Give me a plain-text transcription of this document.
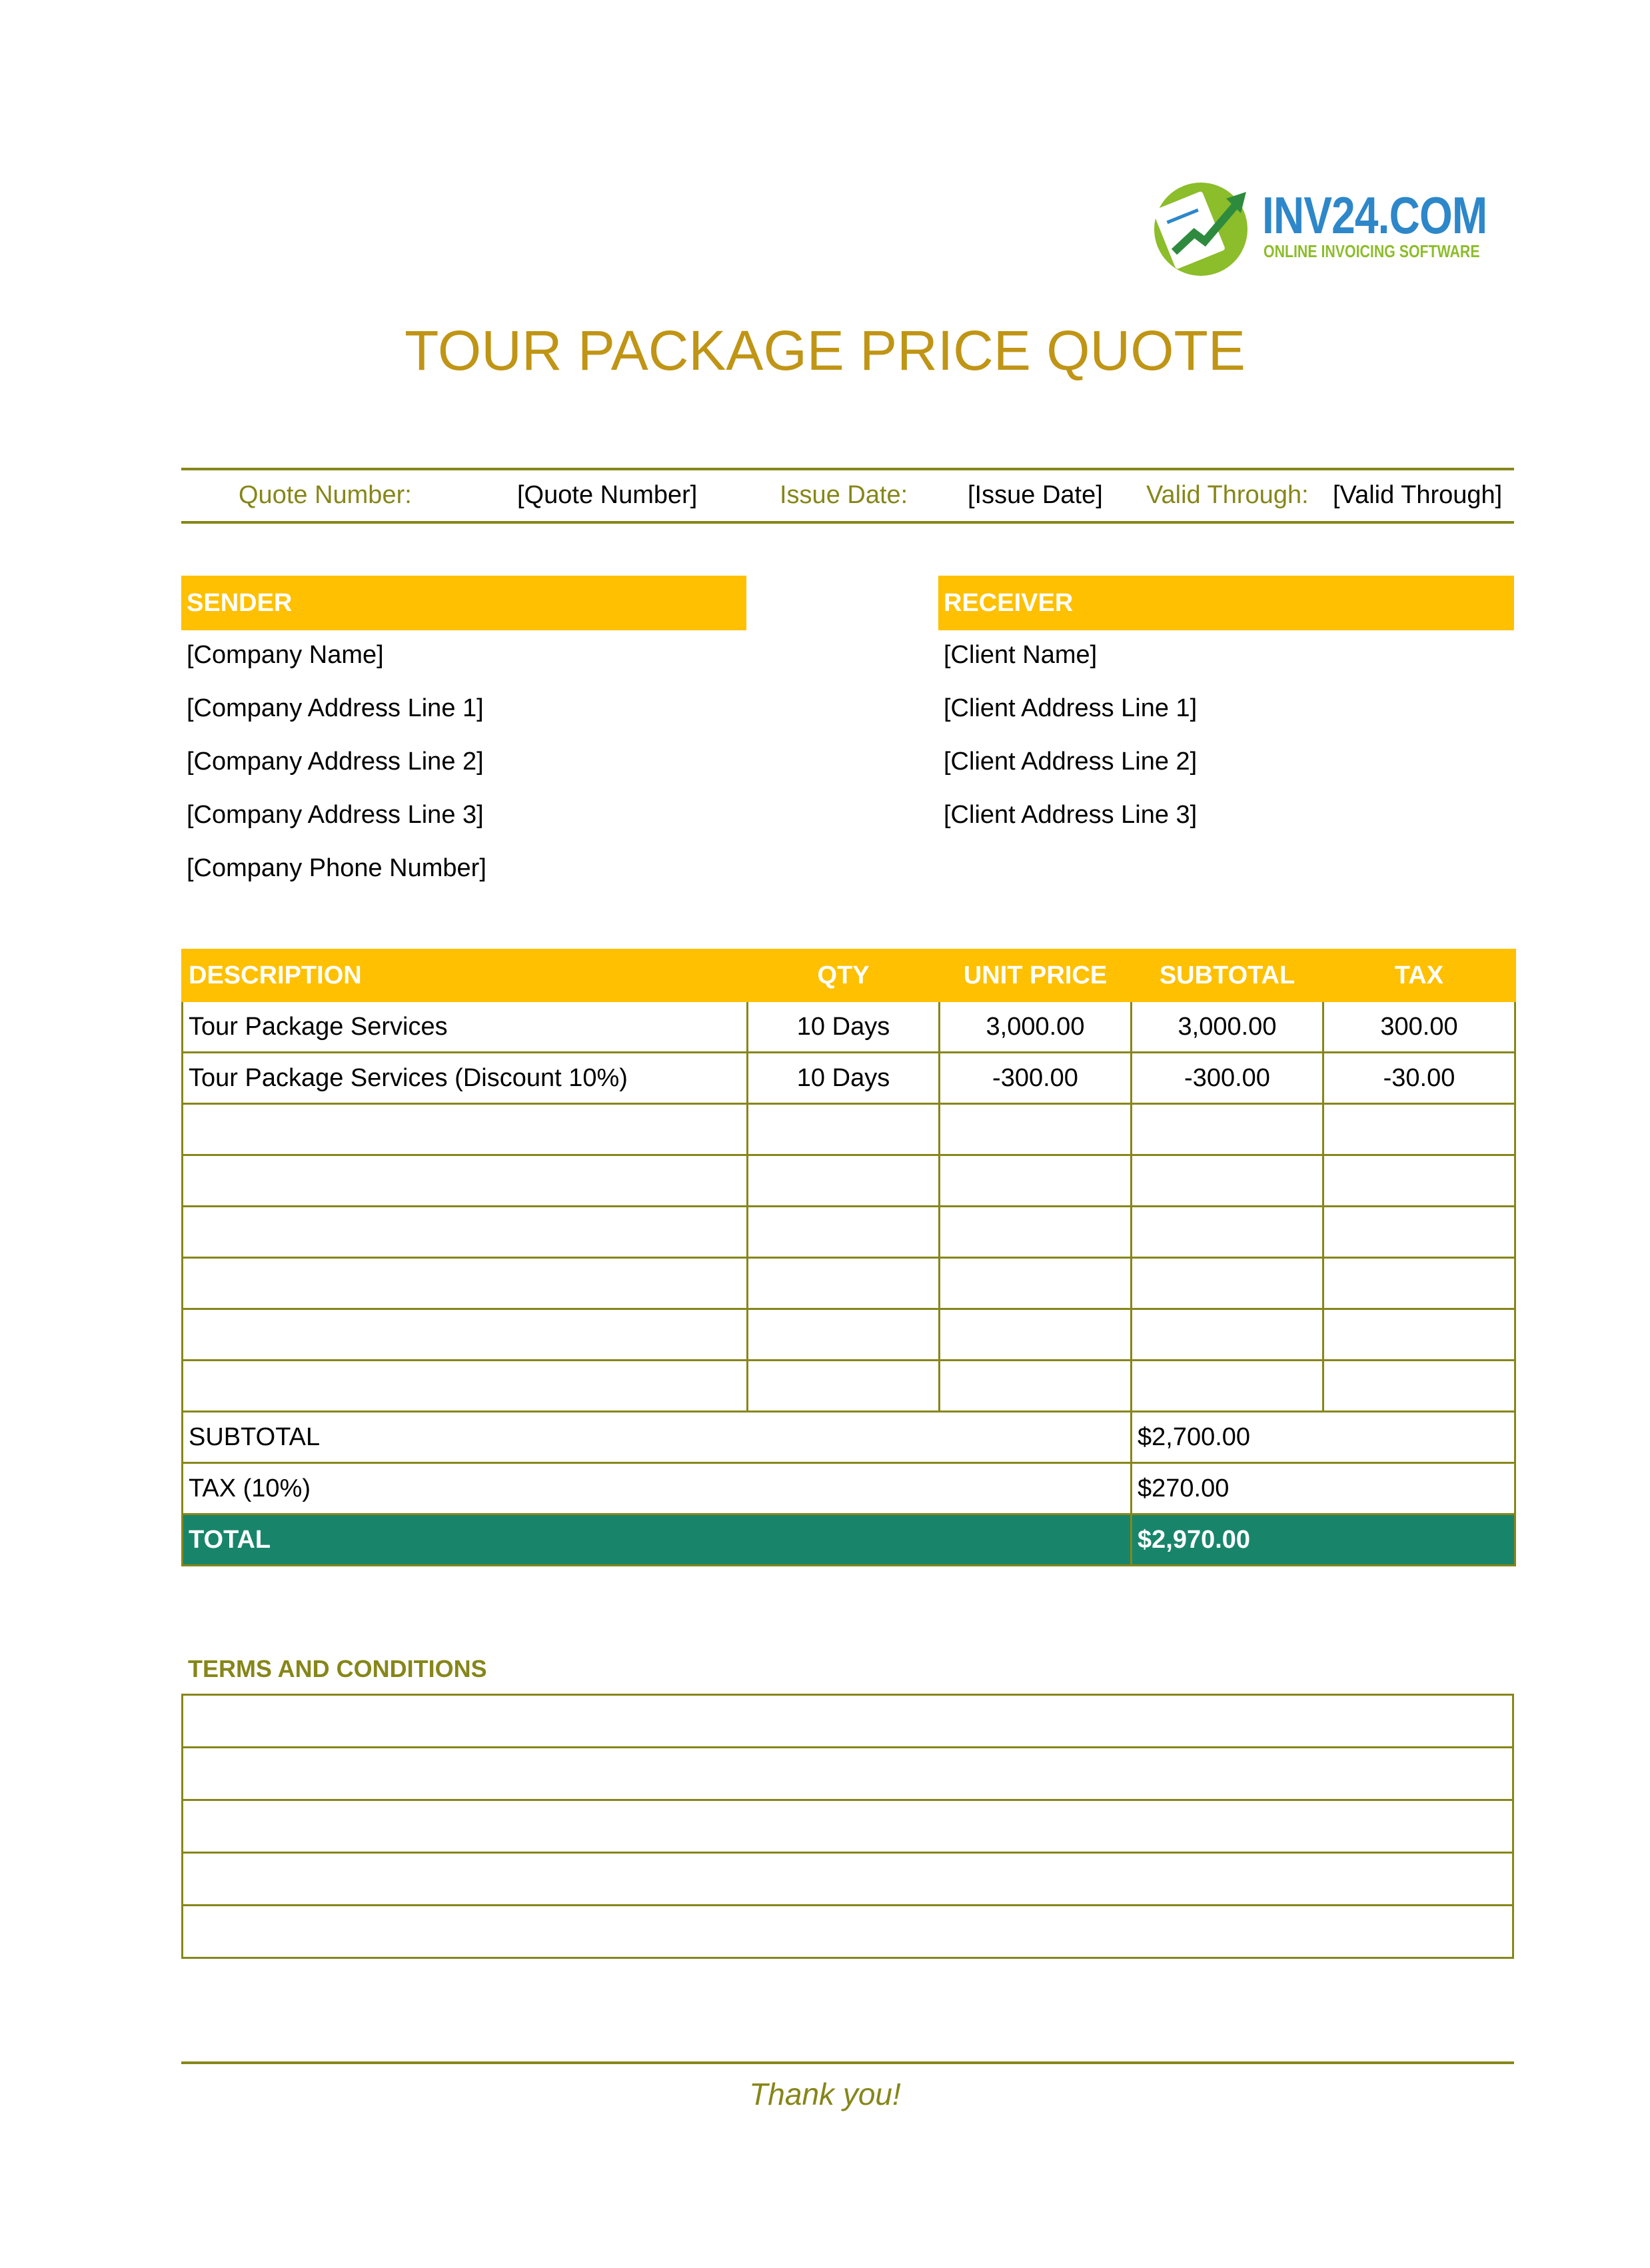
INV24.COM
ONLINE INVOICING SOFTWARE
TOUR PACKAGE PRICE QUOTE
Quote Number:	[Quote Number]	Issue Date: [Issue Date] Valid Through: [Valid Through]
SENDER
[Company Name]
[Company Address Line 1]
[Company Address Line 2]
[Company Address Line 3]
[Company Phone Number]
RECEIVER
[Client Name]
[Client Address Line 1]
[Client Address Line 2]
[Client Address Line 3]
DESCRIPTION	QTY	UNIT PRICE	SUBTOTAL	TAX
Tour Package Services	10 Days	3,000.00	3,000.00	300.00
Tour Package Services (Discount 10%)	10 Days	-300.00	-300.00	-30.00

SUBTOTAL			$2,700.00	
TAX (10%)			$270.00	
TOTAL			$2,970.00	
TERMS AND CONDITIONS

Thank you!
